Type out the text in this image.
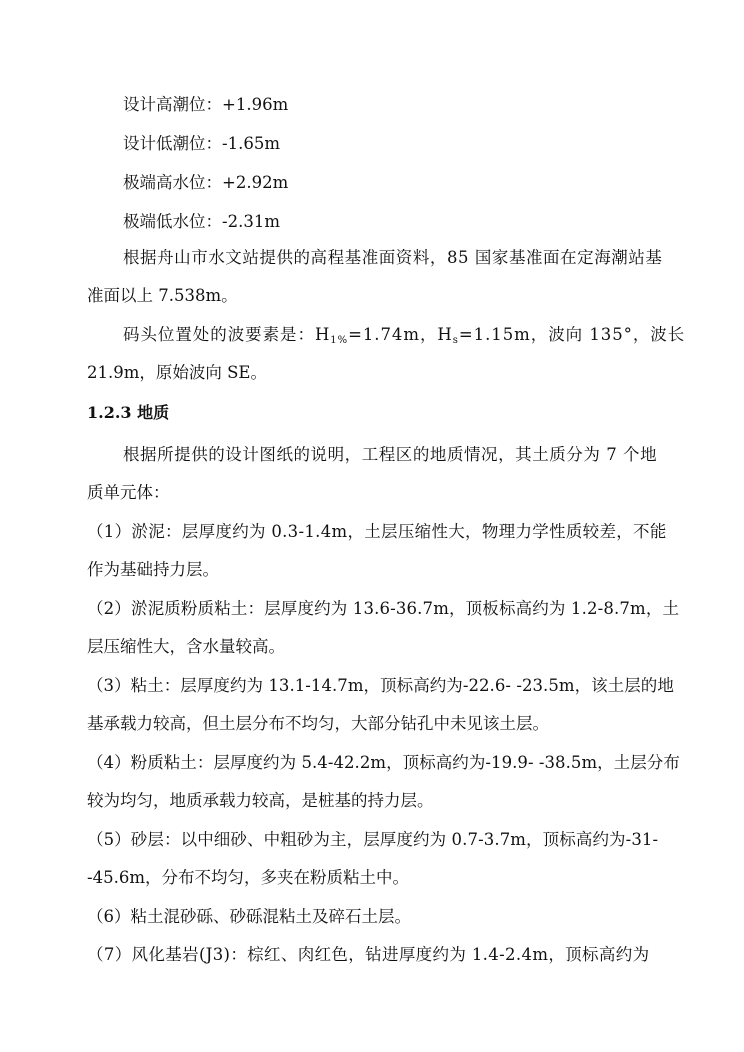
设计高潮位：+1.96m
设计低潮位：-1.65m
极端高水位：+2.92m
极端低水位：-2.31m
根据舟山市水文站提供的高程基准面资料，85 国家基准面在定海潮站基
准面以上 7.538m。
码头位置处的波要素是：$H_{1\%}=1.74m$，$H_s=1.15m$，波向 135°，波长
21.9m，原始波向 SE。
1.2.3 地质
根据所提供的设计图纸的说明，工程区的地质情况，其土质分为 7 个地
质单元体：
（1）淤泥：层厚度约为 0.3-1.4m，土层压缩性大，物理力学性质较差，不能
作为基础持力层。
（2）淤泥质粉质粘土：层厚度约为 13.6-36.7m，顶板标高约为 1.2-8.7m，土
层压缩性大，含水量较高。
（3）粘土：层厚度约为 13.1-14.7m，顶标高约为-22.6- -23.5m，该土层的地
基承载力较高，但土层分布不均匀，大部分钻孔中未见该土层。
（4）粉质粘土：层厚度约为 5.4-42.2m，顶标高约为-19.9- -38.5m，土层分布
较为均匀，地质承载力较高，是桩基的持力层。
（5）砂层：以中细砂、中粗砂为主，层厚度约为 0.7-3.7m，顶标高约为-31-
-45.6m，分布不均匀，多夹在粉质粘土中。
（6）粘土混砂砾、砂砾混粘土及碎石土层。
（7）风化基岩(J3)：棕红、肉红色，钻进厚度约为 1.4-2.4m，顶标高约为
